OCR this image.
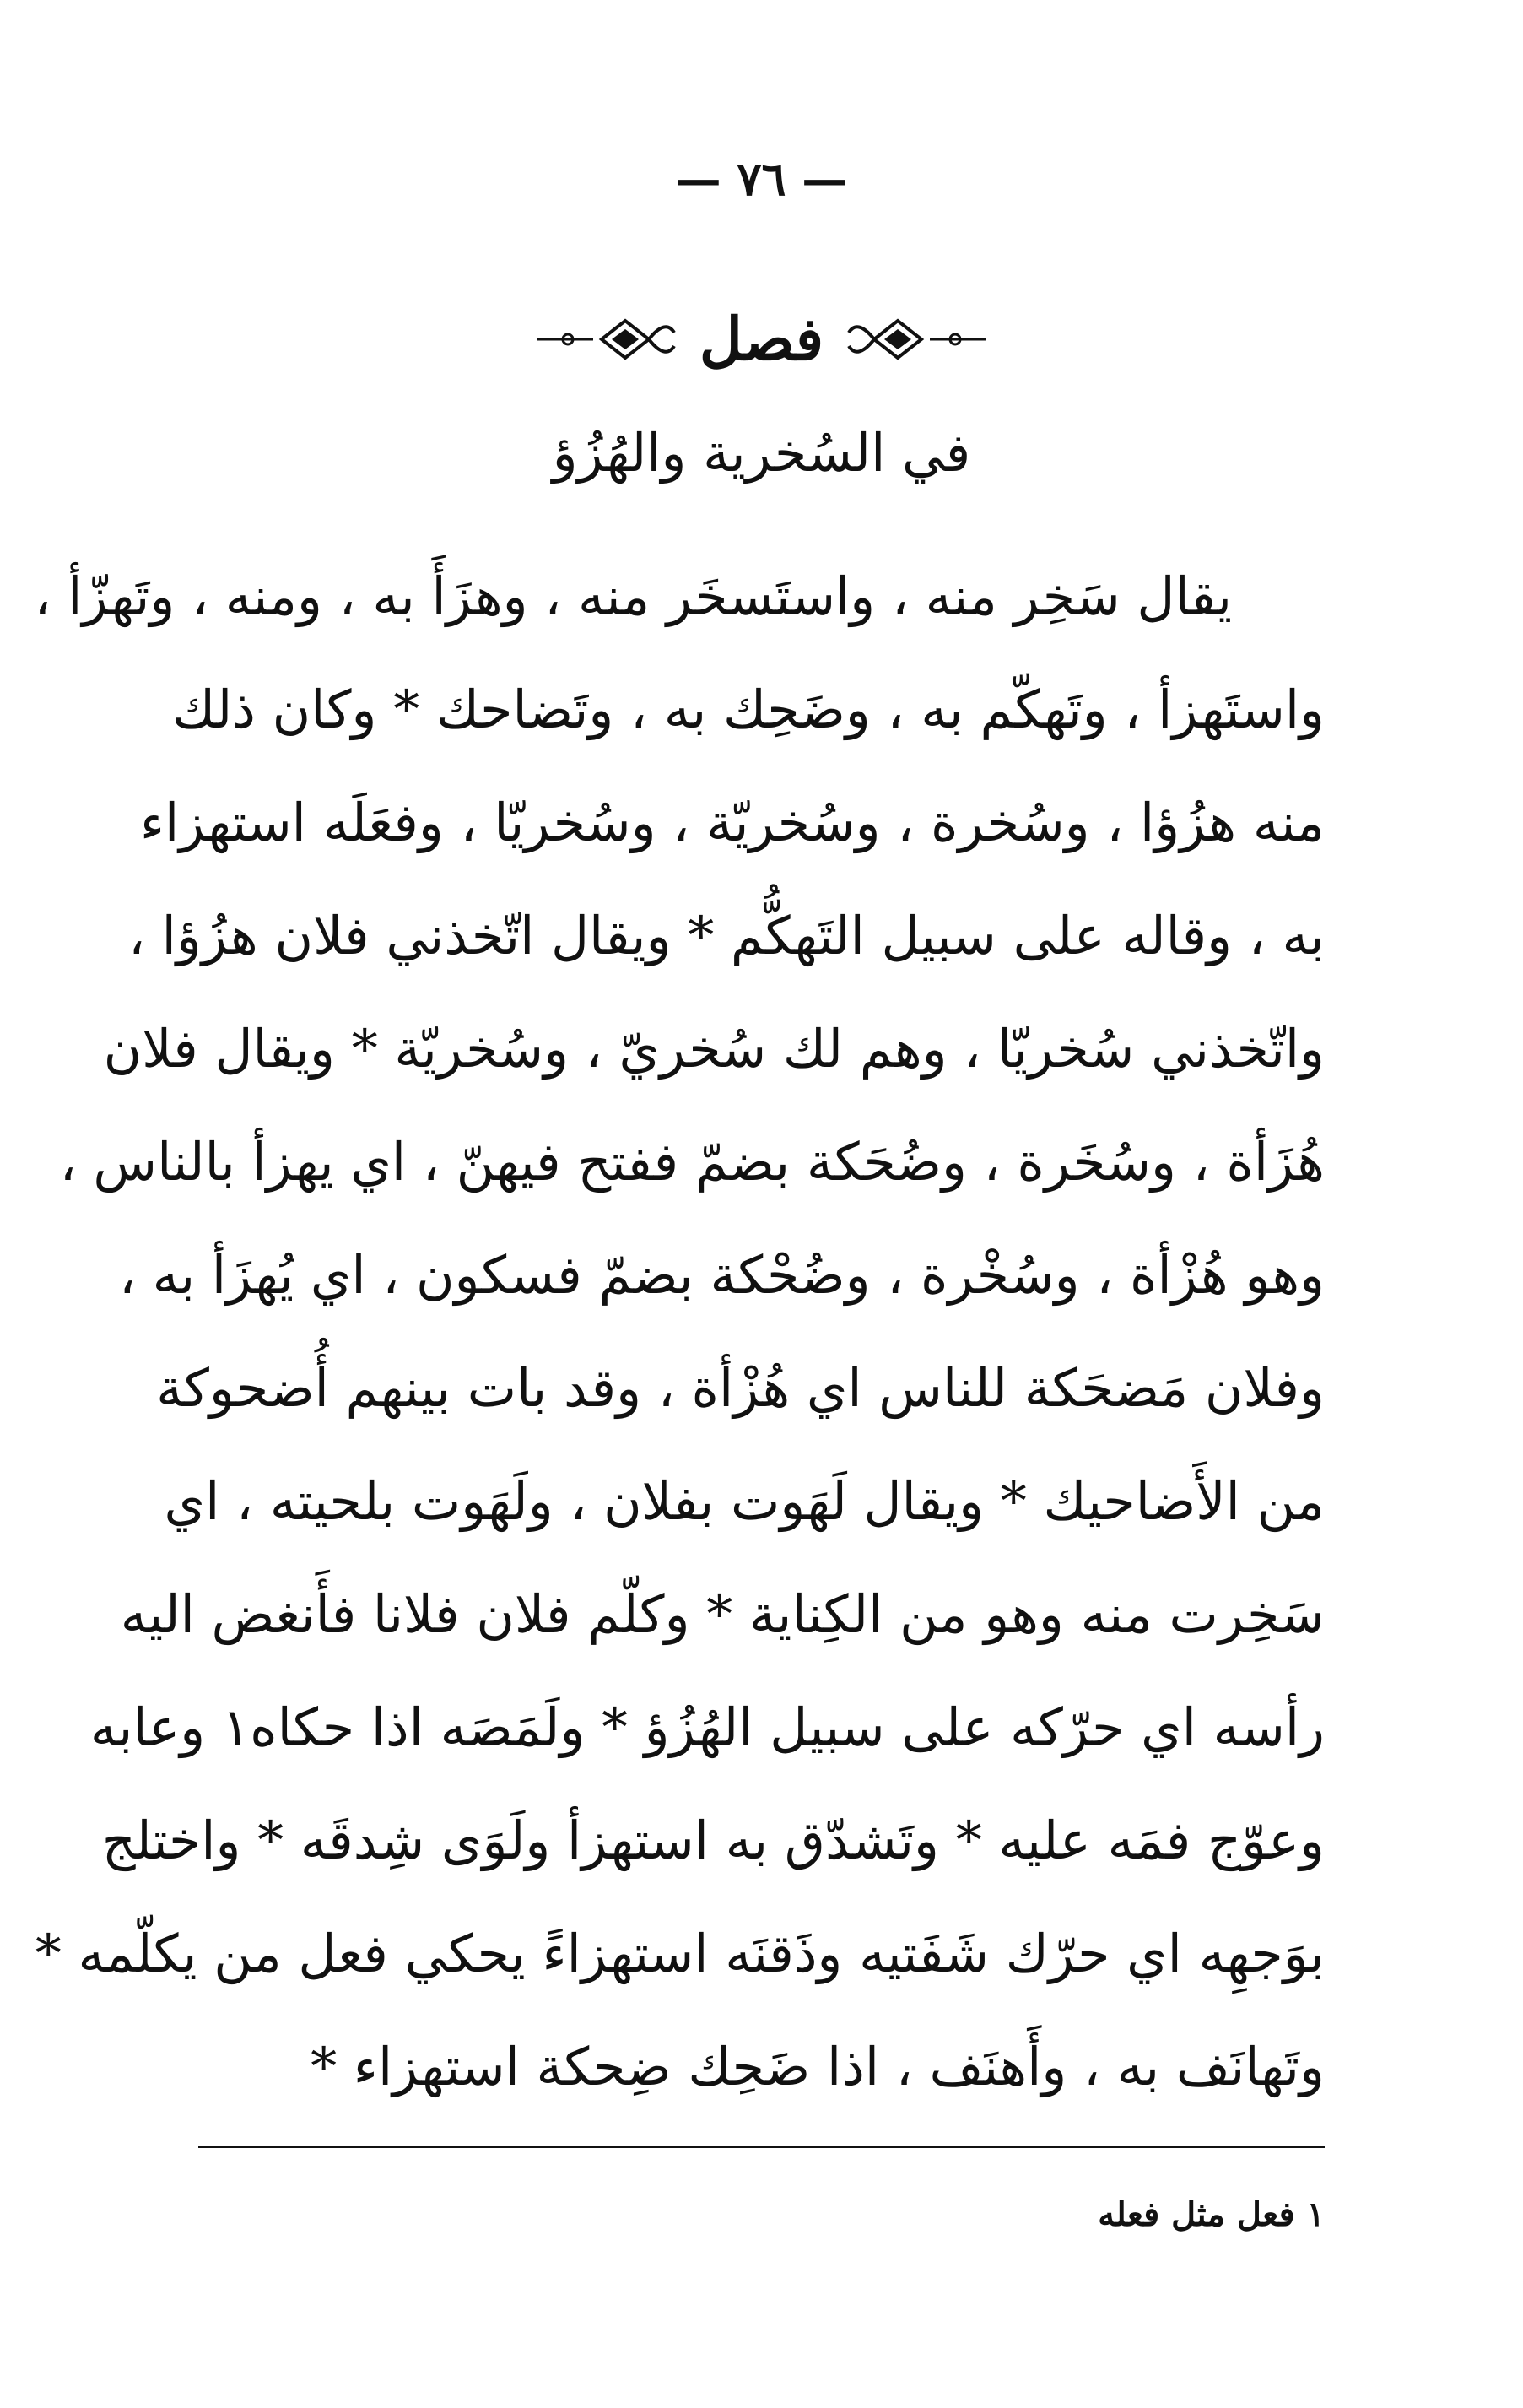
— ٧٦ —
فصل
في السُخرية والهُزُؤ
يقال سَخِر منه ، واستَسخَر منه ، وهزَأَ به ، ومنه ، وتَهزّأ ،
واستَهزأ ، وتَهكّم به ، وضَحِك به ، وتَضاحك * وكان ذلك
منه هزُؤا ، وسُخرة ، وسُخريّة ، وسُخريّا ، وفعَلَه استهزاء
به ، وقاله على سبيل التَهكُّم * ويقال اتّخذني فلان هزُؤا ،
واتّخذني سُخريّا ، وهم لك سُخريّ ، وسُخريّة * ويقال فلان
هُزَأة ، وسُخَرة ، وضُحَكة بضمّ ففتح فيهنّ ، اي يهزأ بالناس ،
وهو هُزْأة ، وسُخْرة ، وضُحْكة بضمّ فسكون ، اي يُهزَأ به ،
وفلان مَضحَكة للناس اي هُزْأة ، وقد بات بينهم أُضحوكة
من الأَضاحيك * ويقال لَهَوت بفلان ، ولَهَوت بلحيته ، اي
سَخِرت منه وهو من الكِناية * وكلّم فلان فلانا فأَنغض اليه
رأسه اي حرّكه على سبيل الهُزُؤ * ولَمَصَه اذا حكاه١ وعابه
وعوّج فمَه عليه * وتَشدّق به استهزأ ولَوَى شِدقَه * واختلج
بوَجهِه اي حرّك شَفَتيه وذَقنَه استهزاءً يحكي فعل من يكلّمه *
وتَهانَف به ، وأَهنَف ، اذا ضَحِك ضِحكة استهزاء *
١ فعل مثل فعله
